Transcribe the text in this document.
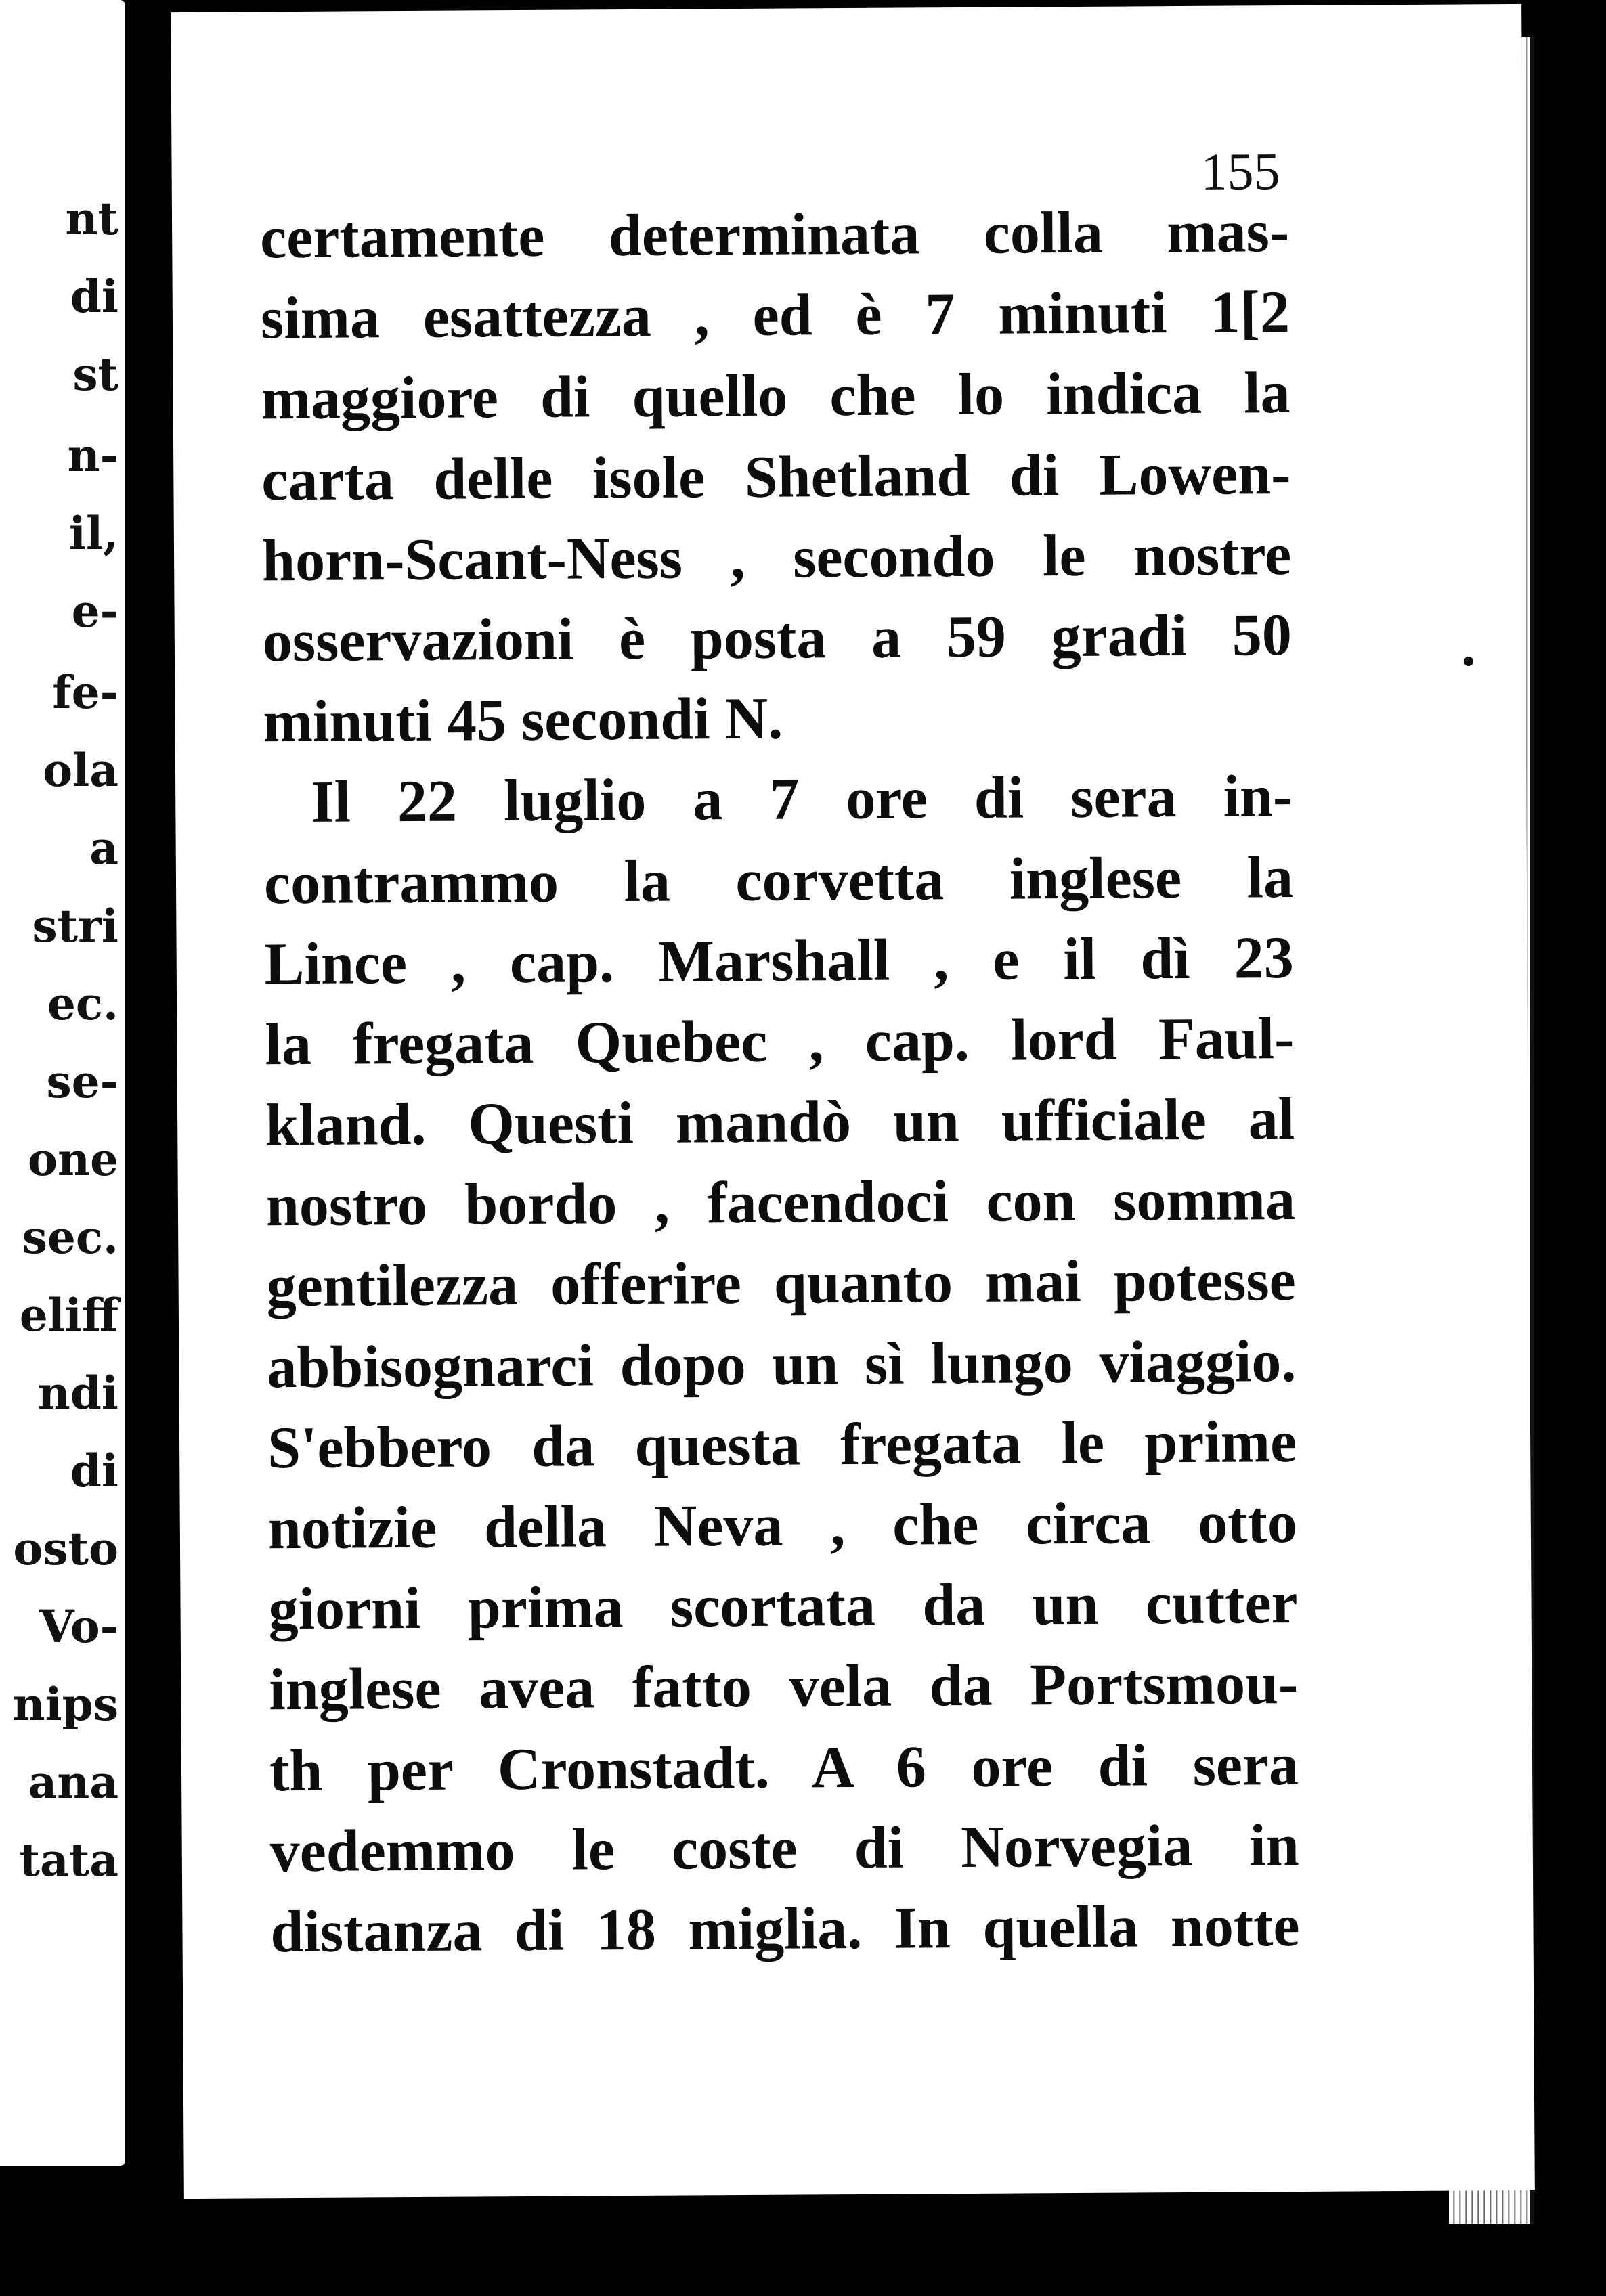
nt
di
st
n-
il,
e-
fe-
ola
a
stri
ec.
se-
one
sec.
eliff
ndi
di
osto
Vo-
nips
ana
tata
155
certamente determinata colla mas-
sima esattezza , ed è 7 minuti 1[2
maggiore di quello che lo indica la
carta delle isole Shetland di Lowen-
horn-Scant-Ness , secondo le nostre
osservazioni è posta a 59 gradi 50
minuti 45 secondi N.
Il 22 luglio a 7 ore di sera in-
contrammo la corvetta inglese la
Lince , cap. Marshall , e il dì 23
la fregata Quebec , cap. lord Faul-
kland. Questi mandò un ufficiale al
nostro bordo , facendoci con somma
gentilezza offerire quanto mai potesse
abbisognarci dopo un sì lungo viaggio.
S'ebbero da questa fregata le prime
notizie della Neva , che circa otto
giorni prima scortata da un cutter
inglese avea fatto vela da Portsmou-
th per Cronstadt. A 6 ore di sera
vedemmo le coste di Norvegia in
distanza di 18 miglia. In quella notte
